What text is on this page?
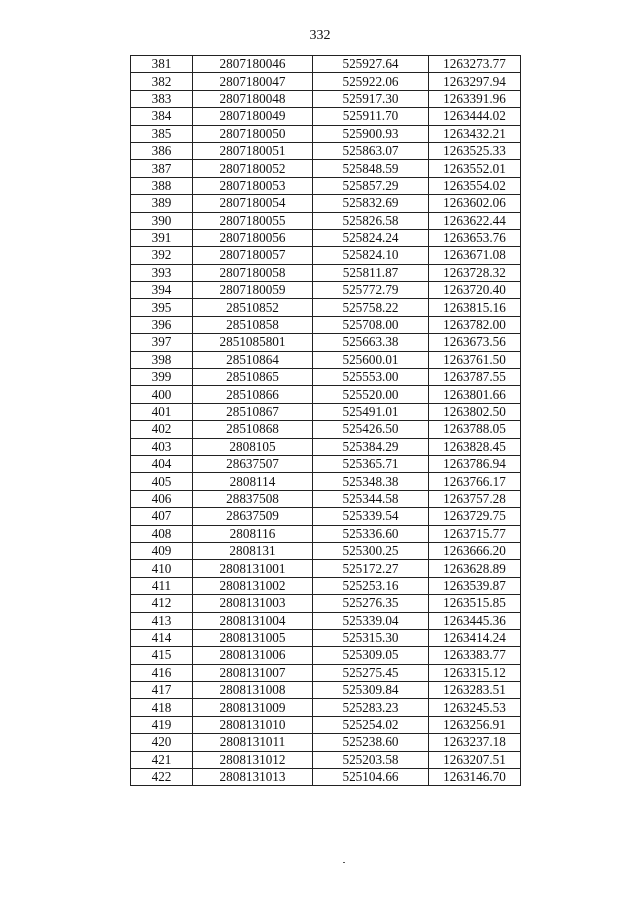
332
381	2807180046	525927.64	1263273.77
382	2807180047	525922.06	1263297.94
383	2807180048	525917.30	1263391.96
384	2807180049	525911.70	1263444.02
385	2807180050	525900.93	1263432.21
386	2807180051	525863.07	1263525.33
387	2807180052	525848.59	1263552.01
388	2807180053	525857.29	1263554.02
389	2807180054	525832.69	1263602.06
390	2807180055	525826.58	1263622.44
391	2807180056	525824.24	1263653.76
392	2807180057	525824.10	1263671.08
393	2807180058	525811.87	1263728.32
394	2807180059	525772.79	1263720.40
395	28510852	525758.22	1263815.16
396	28510858	525708.00	1263782.00
397	2851085801	525663.38	1263673.56
398	28510864	525600.01	1263761.50
399	28510865	525553.00	1263787.55
400	28510866	525520.00	1263801.66
401	28510867	525491.01	1263802.50
402	28510868	525426.50	1263788.05
403	2808105	525384.29	1263828.45
404	28637507	525365.71	1263786.94
405	2808114	525348.38	1263766.17
406	28837508	525344.58	1263757.28
407	28637509	525339.54	1263729.75
408	2808116	525336.60	1263715.77
409	2808131	525300.25	1263666.20
410	2808131001	525172.27	1263628.89
411	2808131002	525253.16	1263539.87
412	2808131003	525276.35	1263515.85
413	2808131004	525339.04	1263445.36
414	2808131005	525315.30	1263414.24
415	2808131006	525309.05	1263383.77
416	2808131007	525275.45	1263315.12
417	2808131008	525309.84	1263283.51
418	2808131009	525283.23	1263245.53
419	2808131010	525254.02	1263256.91
420	2808131011	525238.60	1263237.18
421	2808131012	525203.58	1263207.51
422	2808131013	525104.66	1263146.70
